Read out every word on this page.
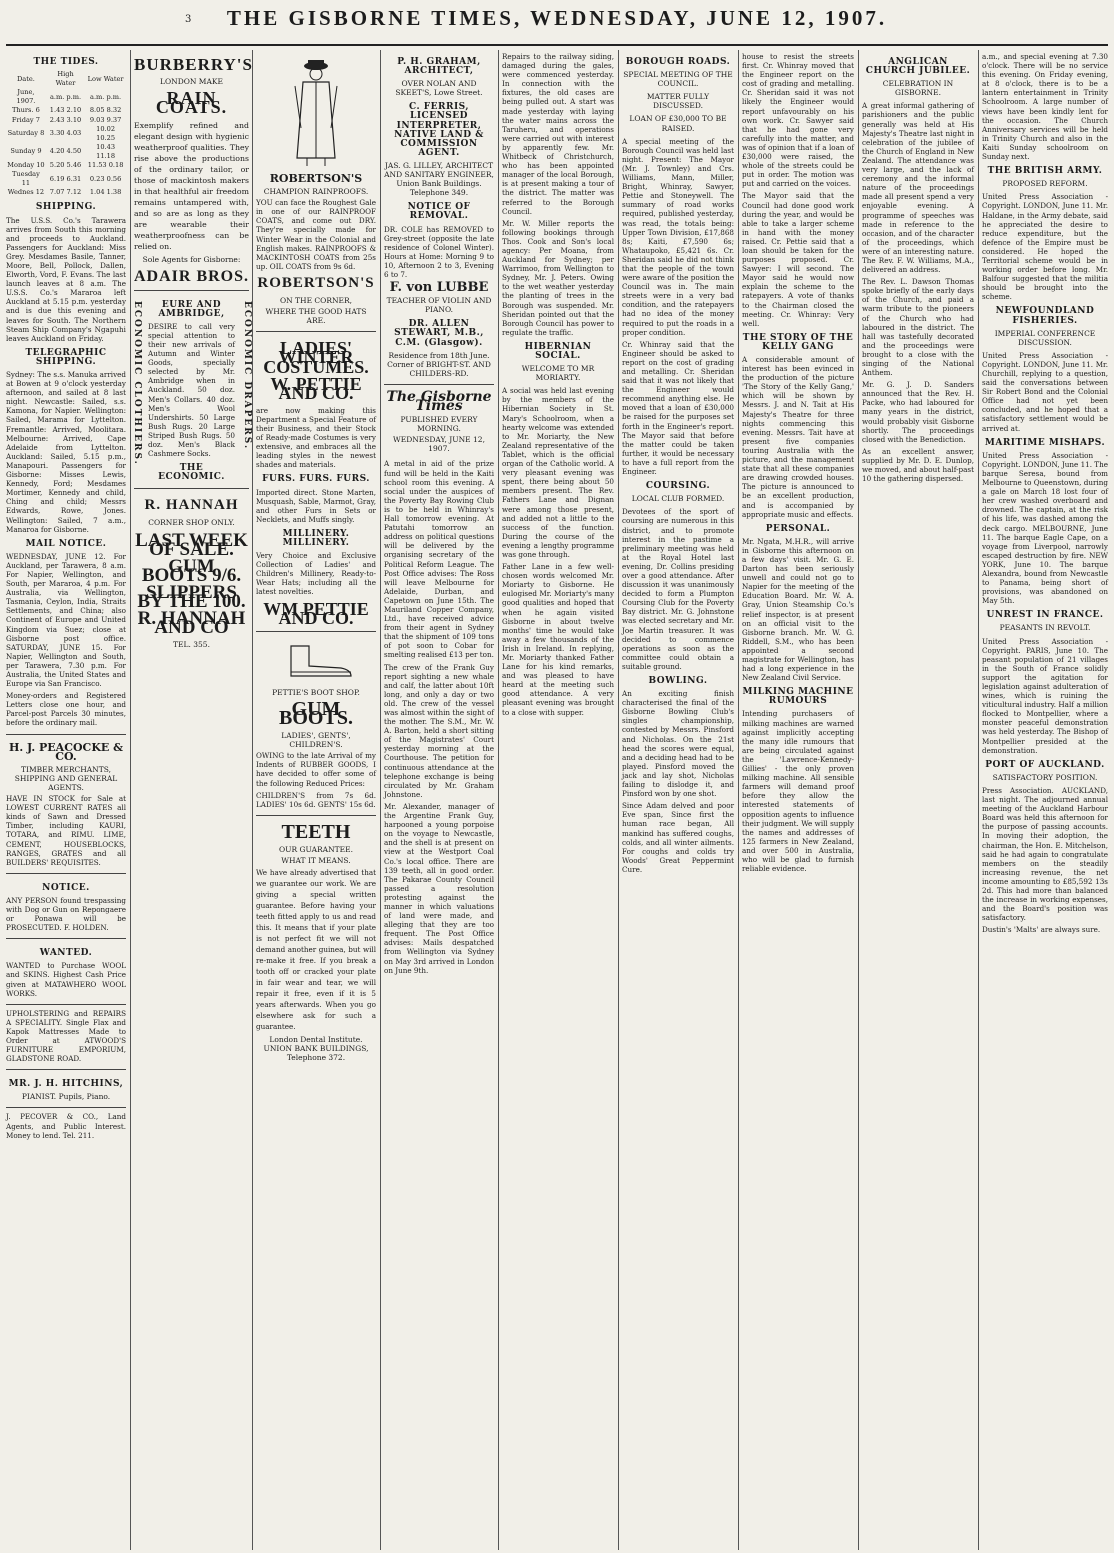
3	THE GISBORNE TIMES, WEDNESDAY, JUNE 12, 1907.
THE TIDES.
Date.	High Water	Low Water
June, 1907.	a.m. p.m.	a.m. p.m.
Thurs. 6	1.43 2.10	8.05 8.32
Friday 7	2.43 3.10	9.03 9.37
Saturday 8	3.30 4.03	10.02 10.25
Sunday 9	4.20 4.50	10.43 11.18
Monday 10	5.20 5.46	11.53 0.18
Tuesday 11	6.19 6.31	0.23 0.56
Wednes 12	7.07 7.12	1.04 1.38

SHIPPING.

The U.S.S. Co.'s Tarawera arrives from South this morning and proceeds to Auckland. Passengers for Auckland: Miss Grey. Mesdames Basile, Tanner, Moore, Bell, Pollock, Dallen, Elworth, Vord, F. Evans. The last launch leaves at 8 a.m. The U.S.S. Co.'s Mararoa left Auckland at 5.15 p.m. yesterday and is due this evening and leaves for South. The Northern Steam Ship Company's Ngapuhi leaves Auckland on Friday.

TELEGRAPHIC SHIPPING.

Sydney: The s.s. Manuka arrived at Bowen at 9 o'clock yesterday afternoon, and sailed at 8 last night. Newcastle: Sailed, s.s. Kamona, for Napier. Wellington: Sailed, Marama for Lyttelton. Fremantle: Arrived, Moolitara. Melbourne: Arrived, Cape Adelaide from Lyttelton. Auckland: Sailed, 5.15 p.m., Manapouri. Passengers for Gisborne: Misses Lewis, Kennedy, Ford; Mesdames Mortimer, Kennedy and child, Ching and child; Messrs Edwards, Rowe, Jones. Wellington: Sailed, 7 a.m., Manaroa for Gisborne.

MAIL NOTICE.

WEDNESDAY, JUNE 12. For Auckland, per Tarawera, 8 a.m. For Napier, Wellington, and South, per Mararoa, 4 p.m. For Australia, via Wellington, Tasmania, Ceylon, India, Straits Settlements, and China; also Continent of Europe and United Kingdom via Suez; close at Gisborne post office. SATURDAY, JUNE 15. For Napier, Wellington and South, per Tarawera, 7.30 p.m. For Australia, the United States and Europe via San Francisco.

Money-orders and Registered Letters close one hour, and Parcel-post Parcels 30 minutes, before the ordinary mail.

H. J. PEACOCKE & CO.
TIMBER MERCHANTS, SHIPPING AND GENERAL AGENTS.

HAVE IN STOCK for Sale at LOWEST CURRENT RATES all kinds of Sawn and Dressed Timber, including KAURI, TOTARA, and RIMU. LIME, CEMENT, HOUSEBLOCKS, RANGES, GRATES and all BUILDERS' REQUISITES.

NOTICE.

ANY PERSON found trespassing with Dog or Gun on Repongaere or Ponawa will be PROSECUTED. F. HOLDEN.

WANTED.

WANTED to Purchase WOOL and SKINS. Highest Cash Price given at MATAWHERO WOOL WORKS.

UPHOLSTERING and REPAIRS A SPECIALITY. Single Flax and Kapok Mattresses Made to Order at ATWOOD'S FURNITURE EMPORIUM, GLADSTONE ROAD.

MR. J. H. HITCHINS,
PIANIST. Pupils, Piano.

J. PECOVER & CO., Land Agents, and Public Interest. Money to lend. Tel. 211.

BURBERRY'S
LONDON MAKE
RAIN COATS.

Exemplify refined and elegant design with hygienic weatherproof qualities. They rise above the productions of the ordinary tailor, or those of mackintosh makers in that healthful air freedom remains untampered with, and so are as long as they are wearable their weatherproofness can be relied on.

Sole Agents for Gisborne:
ADAIR BROS.
ECONOMIC CLOTHIERS.	ECONOMIC DRAPERS.
EURE AND AMBRIDGE,

DESIRE to call very special attention to their new arrivals of Autumn and Winter Goods, specially selected by Mr. Ambridge when in Auckland. 50 doz. Men's Collars. 40 doz. Men's Wool Undershirts. 50 Large Bush Rugs. 20 Large Striped Bush Rugs. 50 doz. Men's Black Cashmere Socks.

THE ECONOMIC.
R. HANNAH
CORNER SHOP ONLY.
LAST WEEK OF SALE.
GUM BOOTS 9/6.
SLIPPERS BY THE 100.
R. HANNAH AND CO
TEL. 355.
ROBERTSON'S
CHAMPION RAINPROOFS.

YOU can face the Roughest Gale in one of our RAINPROOF COATS, and come out DRY. They're specially made for Winter Wear in the Colonial and English makes. RAINPROOFS & MACKINTOSH COATS from 25s up. OIL COATS from 9s 6d.

ROBERTSON'S
ON THE CORNER,
WHERE THE GOOD HATS ARE.
LADIES' WINTER COSTUMES.
W. PETTIE AND CO.

are now making this Department a Special Feature of their Business, and their Stock of Ready-made Costumes is very extensive, and embraces all the leading styles in the newest shades and materials.

FURS. FURS. FURS.

Imported direct. Stone Marten, Musquash, Sable, Marmot, Gray, and other Furs in Sets or Necklets, and Muffs singly.

MILLINERY. MILLINERY.

Very Choice and Exclusive Collection of Ladies' and Children's Millinery, Ready-to-Wear Hats; including all the latest novelties.

WM PETTIE AND CO.
PETTIE'S BOOT SHOP.
GUM BOOTS.
LADIES', GENTS', CHILDREN'S.

OWING to the late Arrival of my Indents of RUBBER GOODS, I have decided to offer some of the following Reduced Prices:

CHILDREN'S from 7s 6d. LADIES' 10s 6d. GENTS' 15s 6d.

TEETH
OUR GUARANTEE.
WHAT IT MEANS.

We have already advertised that we guarantee our work. We are giving a special written guarantee. Before having your teeth fitted apply to us and read this. It means that if your plate is not perfect fit we will not demand another guinea, but will re-make it free. If you break a tooth off or cracked your plate in fair wear and tear, we will repair it free, even if it is 5 years afterwards. When you go elsewhere ask for such a guarantee.

London Dental Institute. UNION BANK BUILDINGS, Telephone 372.
P. H. GRAHAM, ARCHITECT,
OVER NOLAN AND SKEET'S, Lowe Street.
C. FERRIS, LICENSED INTERPRETER, NATIVE LAND & COMMISSION AGENT.
JAS. G. LILLEY, ARCHITECT AND SANITARY ENGINEER, Union Bank Buildings. Telephone 349.
NOTICE OF REMOVAL.

DR. COLE has REMOVED to Grey-street (opposite the late residence of Colonel Winter). Hours at Home: Morning 9 to 10, Afternoon 2 to 3, Evening 6 to 7.

F. von LUBBE
TEACHER OF VIOLIN AND PIANO.
DR. ALLEN STEWART, M.B., C.M. (Glasgow).
Residence from 18th June. Corner of BRIGHT-ST. AND CHILDERS-RD.
The Gisborne Times
PUBLISHED EVERY MORNING.
WEDNESDAY, JUNE 12, 1907.

A metal in aid of the prize fund will be held in the Kaiti school room this evening. A social under the auspices of the Poverty Bay Rowing Club is to be held in Whinray's Hall tomorrow evening. At Patutahi tomorrow an address on political questions will be delivered by the organising secretary of the Political Reform League. The Post Office advises: The Ross will leave Melbourne for Adelaide, Durban, and Capetown on June 15th. The Mauriland Copper Company, Ltd., have received advice from their agent in Sydney that the shipment of 109 tons of pot soon to Cobar for smelting realised £13 per ton.

The crew of the Frank Guy report sighting a new whale and calf, the latter about 10ft long, and only a day or two old. The crew of the vessel was almost within the sight of the mother. The S.M., Mr. W. A. Barton, held a short sitting of the Magistrates' Court yesterday morning at the Courthouse. The petition for continuous attendance at the telephone exchange is being circulated by Mr. Graham Johnstone.

Mr. Alexander, manager of the Argentine Frank Guy, harpooned a young porpoise on the voyage to Newcastle, and the shell is at present on view at the Westport Coal Co.'s local office. There are 139 teeth, all in good order. The Pakarae County Council passed a resolution protesting against the manner in which valuations of land were made, and alleging that they are too frequent. The Post Office advises: Mails despatched from Wellington via Sydney on May 3rd arrived in London on June 9th.

Repairs to the railway siding, damaged during the gales, were commenced yesterday. In connection with the fixtures, the old cases are being pulled out. A start was made yesterday with laying the water mains across the Taruheru, and operations were carried out with interest by apparently few. Mr. Whitbeck of Christchurch, who has been appointed manager of the local Borough, is at present making a tour of the district. The matter was referred to the Borough Council.

Mr. W. Miller reports the following bookings through Thos. Cook and Son's local agency: Per Moana, from Auckland for Sydney; per Warrimoo, from Wellington to Sydney, Mr. J. Peters. Owing to the wet weather yesterday the planting of trees in the Borough was suspended. Mr. Sheridan pointed out that the Borough Council has power to regulate the traffic.

HIBERNIAN SOCIAL.
WELCOME TO MR MORIARTY.

A social was held last evening by the members of the Hibernian Society in St. Mary's Schoolroom, when a hearty welcome was extended to Mr. Moriarty, the New Zealand representative of the Tablet, which is the official organ of the Catholic world. A very pleasant evening was spent, there being about 50 members present. The Rev. Fathers Lane and Dignan were among those present, and added not a little to the success of the function. During the course of the evening a lengthy programme was gone through.

Father Lane in a few well-chosen words welcomed Mr. Moriarty to Gisborne. He eulogised Mr. Moriarty's many good qualities and hoped that when he again visited Gisborne in about twelve months' time he would take away a few thousands of the Irish in Ireland. In replying, Mr. Moriarty thanked Father Lane for his kind remarks, and was pleased to have heard at the meeting such good attendance. A very pleasant evening was brought to a close with supper.

BOROUGH ROADS.
SPECIAL MEETING OF THE COUNCIL.
MATTER FULLY DISCUSSED.
LOAN OF £30,000 TO BE RAISED.

A special meeting of the Borough Council was held last night. Present: The Mayor (Mr. J. Townley) and Crs. Williams, Mann, Miller, Bright, Whinray, Sawyer, Pettie and Stoneywell. The summary of road works required, published yesterday, was read, the totals being: Upper Town Division, £17,868 8s; Kaiti, £7,590 6s; Whataupoko, £5,421 6s. Cr. Sheridan said he did not think that the people of the town were aware of the position the Council was in. The main streets were in a very bad condition, and the ratepayers had no idea of the money required to put the roads in a proper condition.

Cr. Whinray said that the Engineer should be asked to report on the cost of grading and metalling. Cr. Sheridan said that it was not likely that the Engineer would recommend anything else. He moved that a loan of £30,000 be raised for the purposes set forth in the Engineer's report. The Mayor said that before the matter could be taken further, it would be necessary to have a full report from the Engineer.

COURSING.
LOCAL CLUB FORMED.

Devotees of the sport of coursing are numerous in this district, and to promote interest in the pastime a preliminary meeting was held at the Royal Hotel last evening, Dr. Collins presiding over a good attendance. After discussion it was unanimously decided to form a Plumpton Coursing Club for the Poverty Bay district. Mr. G. Johnstone was elected secretary and Mr. Joe Martin treasurer. It was decided to commence operations as soon as the committee could obtain a suitable ground.

BOWLING.

An exciting finish characterised the final of the Gisborne Bowling Club's singles championship, contested by Messrs. Pinsford and Nicholas. On the 21st head the scores were equal, and a deciding head had to be played. Pinsford moved the jack and lay shot, Nicholas failing to dislodge it, and Pinsford won by one shot.

Since Adam delved and poor Eve span, Since first the human race began, All mankind has suffered coughs, colds, and all winter ailments. For coughs and colds try Woods' Great Peppermint Cure.

house to resist the streets first. Cr. Whinray moved that the Engineer report on the cost of grading and metalling. Cr. Sheridan said it was not likely the Engineer would report unfavourably on his own work. Cr. Sawyer said that he had gone very carefully into the matter, and was of opinion that if a loan of £30,000 were raised, the whole of the streets could be put in order. The motion was put and carried on the voices.

The Mayor said that the Council had done good work during the year, and would be able to take a larger scheme in hand with the money raised. Cr. Pettie said that a loan should be taken for the purposes proposed. Cr. Sawyer: I will second. The Mayor said he would now explain the scheme to the ratepayers. A vote of thanks to the Chairman closed the meeting. Cr. Whinray: Very well.

THE STORY OF THE KELLY GANG

A considerable amount of interest has been evinced in the production of the picture 'The Story of the Kelly Gang,' which will be shown by Messrs. J. and N. Tait at His Majesty's Theatre for three nights commencing this evening. Messrs. Tait have at present five companies touring Australia with the picture, and the management state that all these companies are drawing crowded houses. The picture is announced to be an excellent production, and is accompanied by appropriate music and effects.

PERSONAL.

Mr. Ngata, M.H.R., will arrive in Gisborne this afternoon on a few days' visit. Mr. G. E. Darton has been seriously unwell and could not go to Napier for the meeting of the Education Board. Mr. W. A. Gray, Union Steamship Co.'s relief inspector, is at present on an official visit to the Gisborne branch. Mr. W. G. Riddell, S.M., who has been appointed a second magistrate for Wellington, has had a long experience in the New Zealand Civil Service.

MILKING MACHINE RUMOURS

Intending purchasers of milking machines are warned against implicitly accepting the many idle rumours that are being circulated against the 'Lawrence-Kennedy-Gillies' - the only proven milking machine. All sensible farmers will demand proof before they allow the interested statements of opposition agents to influence their judgment. We will supply the names and addresses of 125 farmers in New Zealand, and over 500 in Australia, who will be glad to furnish reliable evidence.

ANGLICAN CHURCH JUBILEE.
CELEBRATION IN GISBORNE.

A great informal gathering of parishioners and the public generally was held at His Majesty's Theatre last night in celebration of the jubilee of the Church of England in New Zealand. The attendance was very large, and the lack of ceremony and the informal nature of the proceedings made all present spend a very enjoyable evening. A programme of speeches was made in reference to the occasion, and of the character of the proceedings, which were of an interesting nature. The Rev. F. W. Williams, M.A., delivered an address.

The Rev. L. Dawson Thomas spoke briefly of the early days of the Church, and paid a warm tribute to the pioneers of the Church who had laboured in the district. The hall was tastefully decorated and the proceedings were brought to a close with the singing of the National Anthem.

Mr. G. J. D. Sanders announced that the Rev. H. Packe, who had laboured for many years in the district, would probably visit Gisborne shortly. The proceedings closed with the Benediction.

As an excellent answer, supplied by Mr. D. E. Dunlop, we moved, and about half-past 10 the gathering dispersed.

a.m., and special evening at 7.30 o'clock. There will be no service this evening. On Friday evening, at 8 o'clock, there is to be a lantern entertainment in Trinity Schoolroom. A large number of views have been kindly lent for the occasion. The Church Anniversary services will be held in Trinity Church and also in the Kaiti Sunday schoolroom on Sunday next.

THE BRITISH ARMY.
PROPOSED REFORM.

United Press Association - Copyright. LONDON, June 11. Mr. Haldane, in the Army debate, said he appreciated the desire to reduce expenditure, but the defence of the Empire must be considered. He hoped the Territorial scheme would be in working order before long. Mr. Balfour suggested that the militia should be brought into the scheme.

NEWFOUNDLAND FISHERIES.
IMPERIAL CONFERENCE DISCUSSION.

United Press Association - Copyright. LONDON, June 11. Mr. Churchill, replying to a question, said the conversations between Sir Robert Bond and the Colonial Office had not yet been concluded, and he hoped that a satisfactory settlement would be arrived at.

MARITIME MISHAPS.

United Press Association - Copyright. LONDON, June 11. The barque Seresa, bound from Melbourne to Queenstown, during a gale on March 18 lost four of her crew washed overboard and drowned. The captain, at the risk of his life, was dashed among the deck cargo. MELBOURNE, June 11. The barque Eagle Cape, on a voyage from Liverpool, narrowly escaped destruction by fire. NEW YORK, June 10. The barque Alexandra, bound from Newcastle to Panama, being short of provisions, was abandoned on May 5th.

UNREST IN FRANCE.
PEASANTS IN REVOLT.

United Press Association - Copyright. PARIS, June 10. The peasant population of 21 villages in the South of France solidly support the agitation for legislation against adulteration of wines, which is ruining the viticultural industry. Half a million flocked to Montpellier, where a monster peaceful demonstration was held yesterday. The Bishop of Montpellier presided at the demonstration.

PORT OF AUCKLAND.
SATISFACTORY POSITION.

Press Association. AUCKLAND, last night. The adjourned annual meeting of the Auckland Harbour Board was held this afternoon for the purpose of passing accounts. In moving their adoption, the chairman, the Hon. E. Mitchelson, said he had again to congratulate members on the steadily increasing revenue, the net income amounting to £85,592 13s 2d. This had more than balanced the increase in working expenses, and the Board's position was satisfactory.

Dustin's 'Malts' are always sure.
